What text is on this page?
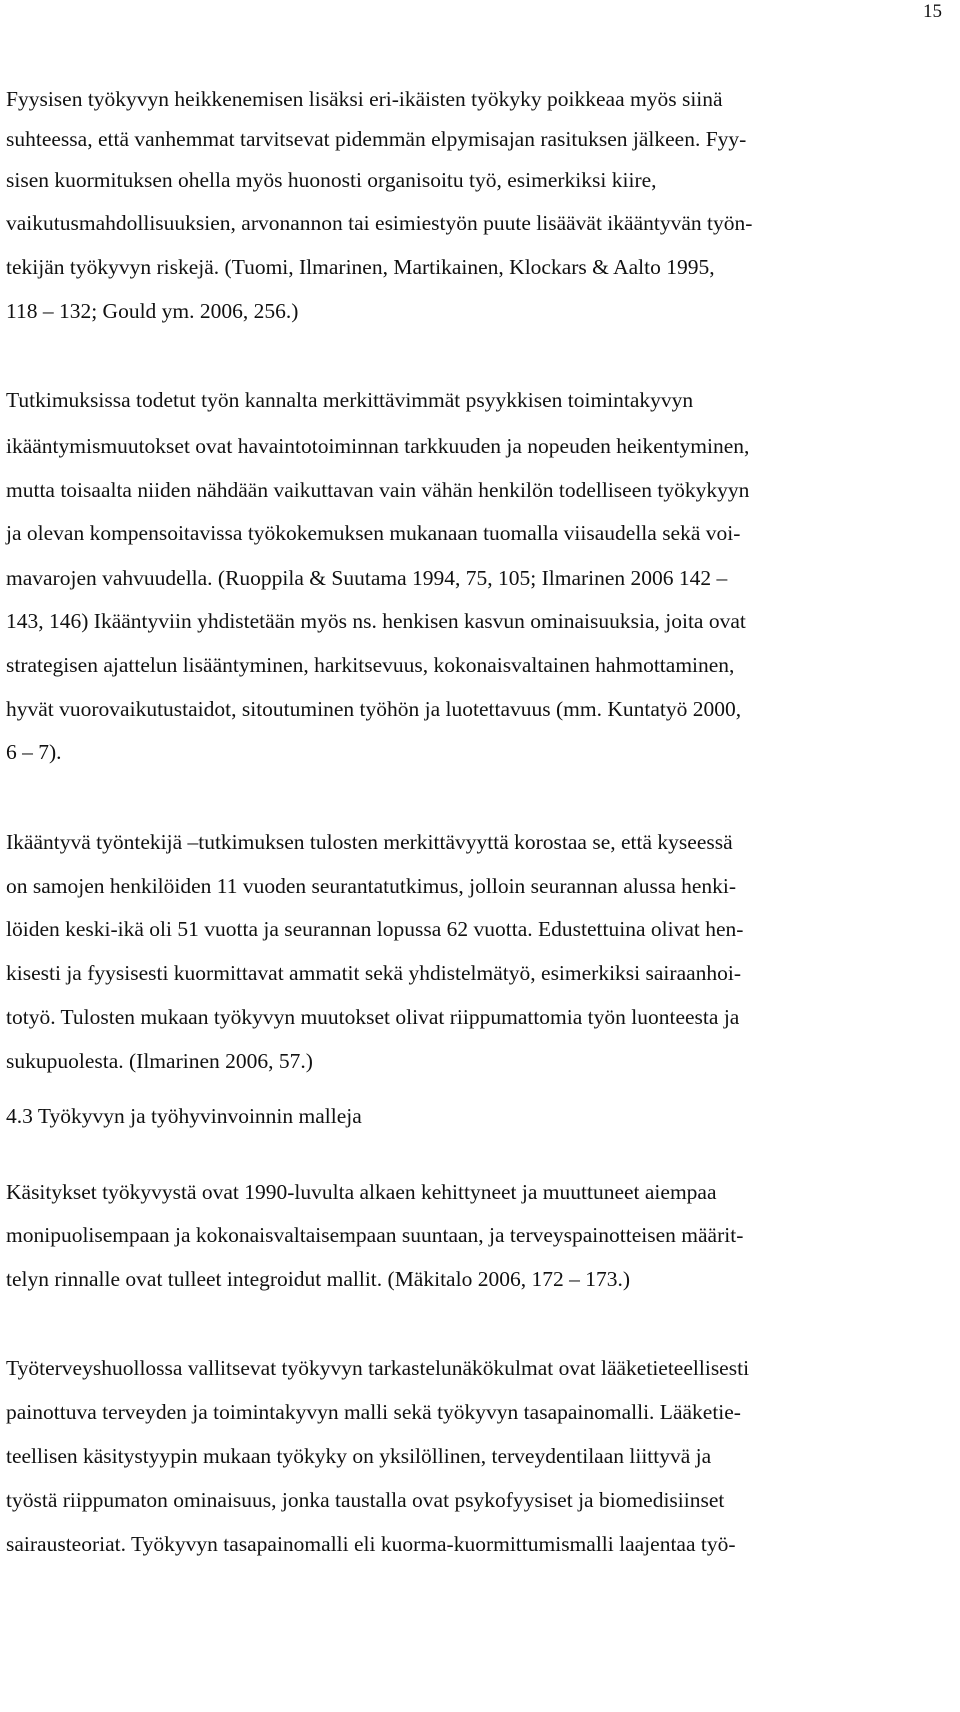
15
Fyysisen työkyvyn heikkenemisen lisäksi eri-ikäisten työkyky poikkeaa myös siinä
suhteessa, että vanhemmat tarvitsevat pidemmän elpymisajan rasituksen jälkeen. Fyy-
sisen kuormituksen ohella myös huonosti organisoitu työ, esimerkiksi kiire,
vaikutusmahdollisuuksien, arvonannon tai esimiestyön puute lisäävät ikääntyvän työn-
tekijän työkyvyn riskejä. (Tuomi, Ilmarinen, Martikainen, Klockars & Aalto 1995,
118 – 132; Gould ym. 2006, 256.)
Tutkimuksissa todetut työn kannalta merkittävimmät psyykkisen toimintakyvyn
ikääntymismuutokset ovat havaintotoiminnan tarkkuuden ja nopeuden heikentyminen,
mutta toisaalta niiden nähdään vaikuttavan vain vähän henkilön todelliseen työkykyyn
ja olevan kompensoitavissa työkokemuksen mukanaan tuomalla viisaudella sekä voi-
mavarojen vahvuudella. (Ruoppila & Suutama 1994, 75, 105; Ilmarinen 2006 142 –
143, 146) Ikääntyviin yhdistetään myös ns. henkisen kasvun ominaisuuksia, joita ovat
strategisen ajattelun lisääntyminen, harkitsevuus, kokonaisvaltainen hahmottaminen,
hyvät vuorovaikutustaidot, sitoutuminen työhön ja luotettavuus (mm. Kuntatyö 2000,
6 – 7).
Ikääntyvä työntekijä –tutkimuksen tulosten merkittävyyttä korostaa se, että kyseessä
on samojen henkilöiden 11 vuoden seurantatutkimus, jolloin seurannan alussa henki-
löiden keski-ikä oli 51 vuotta ja seurannan lopussa 62 vuotta. Edustettuina olivat hen-
kisesti ja fyysisesti kuormittavat ammatit sekä yhdistelmätyö, esimerkiksi sairaanhoi-
totyö. Tulosten mukaan työkyvyn muutokset olivat riippumattomia työn luonteesta ja
sukupuolesta. (Ilmarinen 2006, 57.)
4.3 Työkyvyn ja työhyvinvoinnin malleja
Käsitykset työkyvystä ovat 1990-luvulta alkaen kehittyneet ja muuttuneet aiempaa
monipuolisempaan ja kokonaisvaltaisempaan suuntaan, ja terveyspainotteisen määrit-
telyn rinnalle ovat tulleet integroidut mallit. (Mäkitalo 2006, 172 – 173.)
Työterveyshuollossa vallitsevat työkyvyn tarkastelunäkökulmat ovat lääketieteellisesti
painottuva terveyden ja toimintakyvyn malli sekä työkyvyn tasapainomalli. Lääketie-
teellisen käsitystyypin mukaan työkyky on yksilöllinen, terveydentilaan liittyvä ja
työstä riippumaton ominaisuus, jonka taustalla ovat psykofyysiset ja biomedisiinset
sairausteoriat. Työkyvyn tasapainomalli eli kuorma-kuormittumismalli laajentaa työ-
